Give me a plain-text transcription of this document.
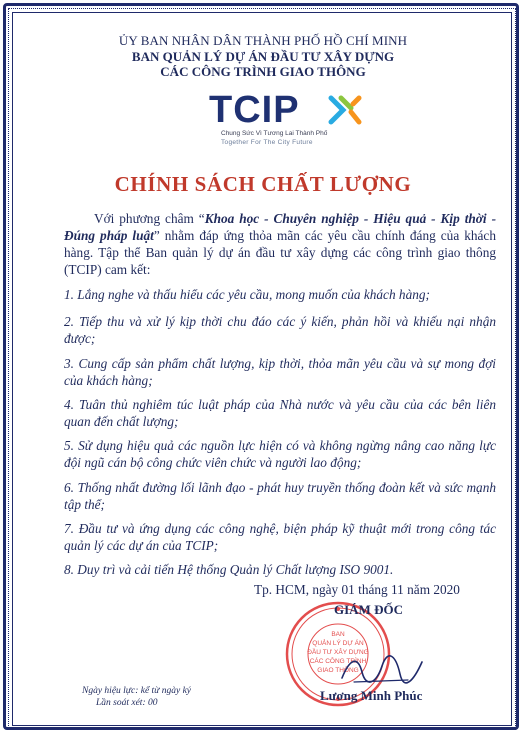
ỦY BAN NHÂN DÂN THÀNH PHỐ HỒ CHÍ MINH
BAN QUẢN LÝ DỰ ÁN ĐẦU TƯ XÂY DỰNG
CÁC CÔNG TRÌNH GIAO THÔNG
TCIP
Chung Sức Vì Tương Lai Thành Phố
Together For The City Future
CHÍNH SÁCH CHẤT LƯỢNG
Với phương châm “Khoa học - Chuyên nghiệp - Hiệu quả - Kịp thời - Đúng pháp luật” nhằm đáp ứng thỏa mãn các yêu cầu chính đáng của khách hàng. Tập thể Ban quản lý dự án đầu tư xây dựng các công trình giao thông (TCIP) cam kết:
1. Lắng nghe và thấu hiểu các yêu cầu, mong muốn của khách hàng;
2. Tiếp thu và xử lý kịp thời chu đáo các ý kiến, phản hồi và khiếu nại nhận được;
3. Cung cấp sản phẩm chất lượng, kịp thời, thỏa mãn yêu cầu và sự mong đợi của khách hàng;
4. Tuân thủ nghiêm túc luật pháp của Nhà nước và yêu cầu của các bên liên quan đến chất lượng;
5. Sử dụng hiệu quả các nguồn lực hiện có và không ngừng nâng cao năng lực đội ngũ cán bộ công chức viên chức và người lao động;
6. Thống nhất đường lối lãnh đạo - phát huy truyền thống đoàn kết và sức mạnh tập thể;
7. Đầu tư và ứng dụng các công nghệ, biện pháp kỹ thuật mới trong công tác quản lý các dự án của TCIP;
8. Duy trì và cải tiến Hệ thống Quản lý Chất lượng ISO 9001.
Tp. HCM, ngày 01 tháng 11 năm 2020
BAN
QUẢN LÝ DỰ ÁN
ĐẦU TƯ XÂY DỰNG
CÁC CÔNG TRÌNH
GIAO THÔNG
GIÁM ĐỐC
Lương Minh Phúc
Ngày hiệu lực: kể từ ngày ký
Lần soát xét: 00
